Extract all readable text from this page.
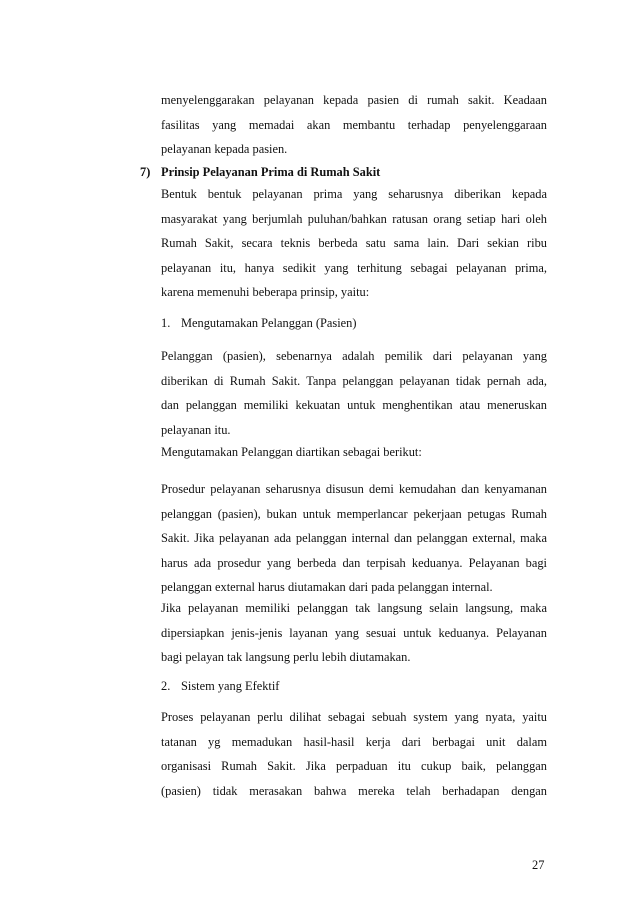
menyelenggarakan pelayanan kepada pasien di rumah sakit. Keadaan
fasilitas yang memadai akan membantu terhadap penyelenggaraan
pelayanan kepada pasien.
7) Prinsip Pelayanan Prima di Rumah Sakit
Bentuk bentuk pelayanan prima yang seharusnya diberikan kepada
masyarakat yang berjumlah puluhan/bahkan ratusan orang setiap hari oleh
Rumah Sakit, secara teknis berbeda satu sama lain. Dari sekian ribu
pelayanan itu, hanya sedikit yang terhitung sebagai pelayanan prima,
karena memenuhi beberapa prinsip, yaitu:
1. Mengutamakan Pelanggan (Pasien)
Pelanggan (pasien), sebenarnya adalah pemilik dari pelayanan yang
diberikan di Rumah Sakit. Tanpa pelanggan pelayanan tidak pernah ada,
dan pelanggan memiliki kekuatan untuk menghentikan atau meneruskan
pelayanan itu.
Mengutamakan Pelanggan diartikan sebagai berikut:
Prosedur pelayanan seharusnya disusun demi kemudahan dan kenyamanan
pelanggan (pasien), bukan untuk memperlancar pekerjaan petugas Rumah
Sakit. Jika pelayanan ada pelanggan internal dan pelanggan external, maka
harus ada prosedur yang berbeda dan terpisah keduanya. Pelayanan bagi
pelanggan external harus diutamakan dari pada pelanggan internal.
Jika pelayanan memiliki pelanggan tak langsung selain langsung, maka
dipersiapkan jenis-jenis layanan yang sesuai untuk keduanya. Pelayanan
bagi pelayan tak langsung perlu lebih diutamakan.
2. Sistem yang Efektif
Proses pelayanan perlu dilihat sebagai sebuah system yang nyata, yaitu
tatanan yg memadukan hasil-hasil kerja dari berbagai unit dalam
organisasi Rumah Sakit. Jika perpaduan itu cukup baik, pelanggan
(pasien) tidak merasakan bahwa mereka telah berhadapan dengan
27
